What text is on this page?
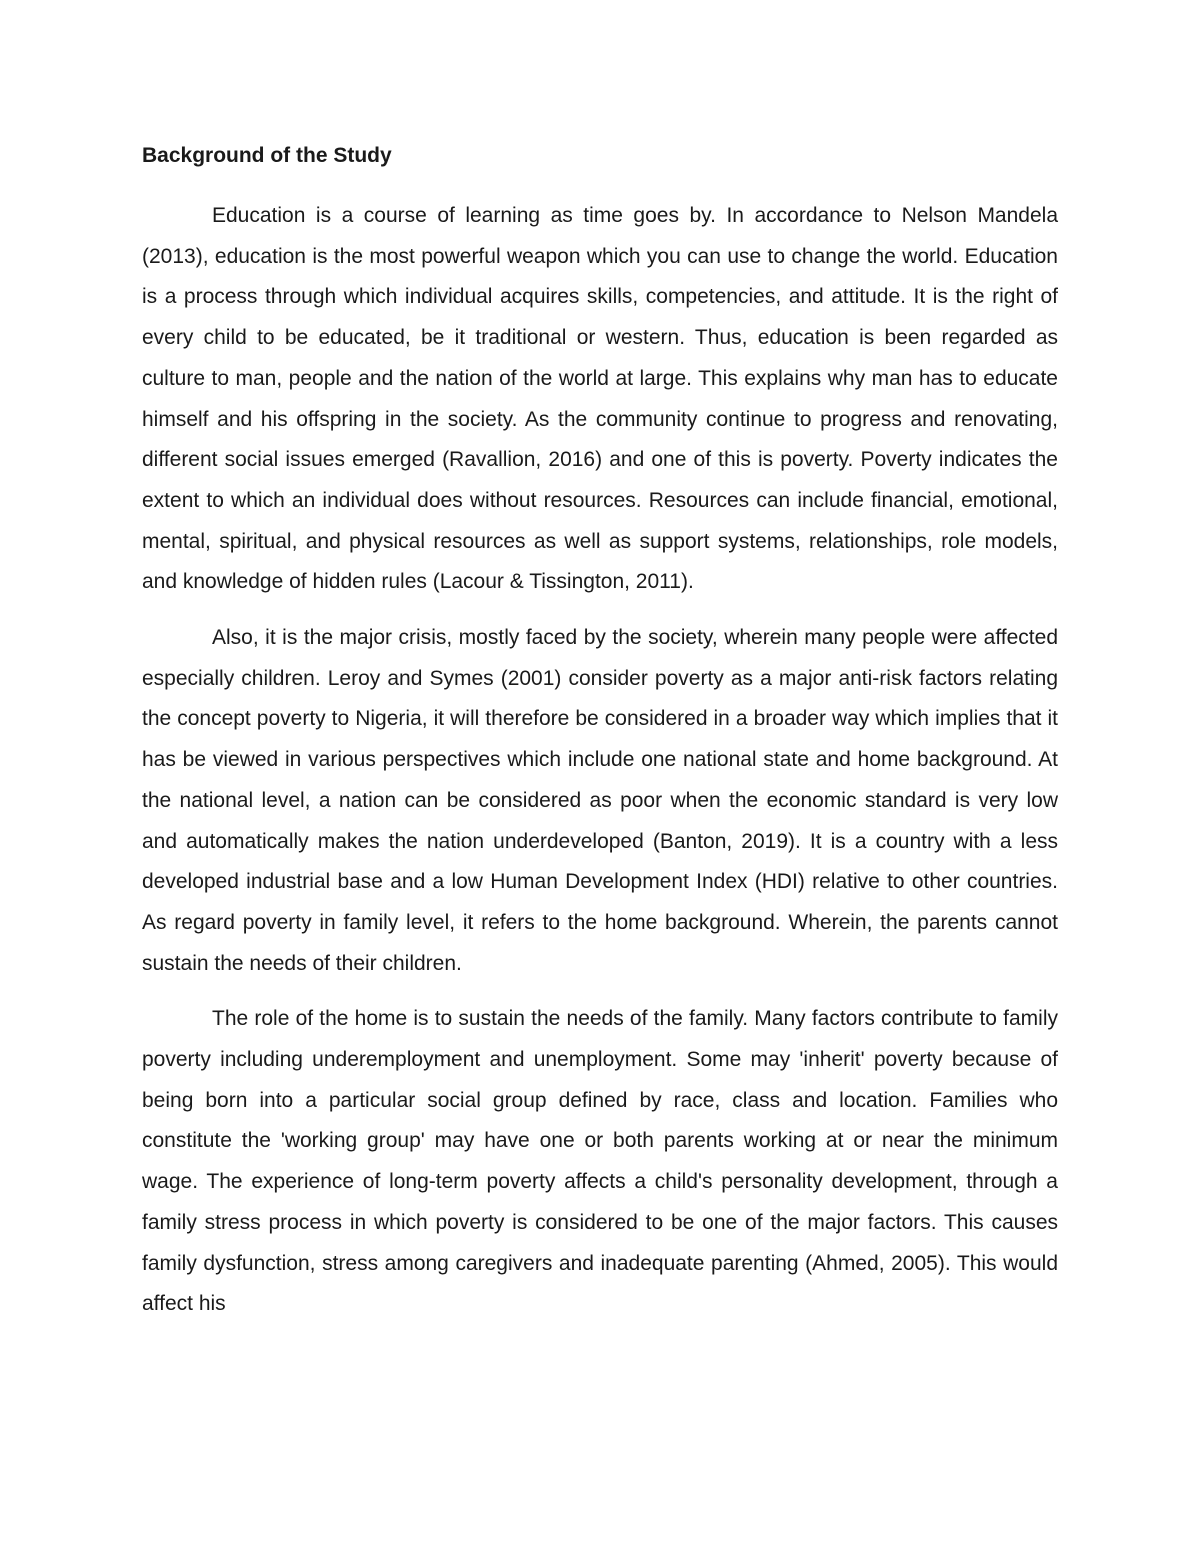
Background of the Study

Education is a course of learning as time goes by. In accordance to Nelson Mandela (2013), education is the most powerful weapon which you can use to change the world. Education is a process through which individual acquires skills, competencies, and attitude. It is the right of every child to be educated, be it traditional or western. Thus, education is been regarded as culture to man, people and the nation of the world at large. This explains why man has to educate himself and his offspring in the society. As the community continue to progress and renovating, different social issues emerged (Ravallion, 2016) and one of this is poverty. Poverty indicates the extent to which an individual does without resources. Resources can include financial, emotional, mental, spiritual, and physical resources as well as support systems, relationships, role models, and knowledge of hidden rules (Lacour & Tissington, 2011).

Also, it is the major crisis, mostly faced by the society, wherein many people were affected especially children. Leroy and Symes (2001) consider poverty as a major anti-risk factors relating the concept poverty to Nigeria, it will therefore be considered in a broader way which implies that it has be viewed in various perspectives which include one national state and home background. At the national level, a nation can be considered as poor when the economic standard is very low and automatically makes the nation underdeveloped (Banton, 2019). It is a country with a less developed industrial base and a low Human Development Index (HDI) relative to other countries. As regard poverty in family level, it refers to the home background. Wherein, the parents cannot sustain the needs of their children.

The role of the home is to sustain the needs of the family. Many factors contribute to family poverty including underemployment and unemployment. Some may 'inherit' poverty because of being born into a particular social group defined by race, class and location. Families who constitute the 'working group' may have one or both parents working at or near the minimum wage. The experience of long-term poverty affects a child's personality development, through a family stress process in which poverty is considered to be one of the major factors. This causes family dysfunction, stress among caregivers and inadequate parenting (Ahmed, 2005). This would affect his
